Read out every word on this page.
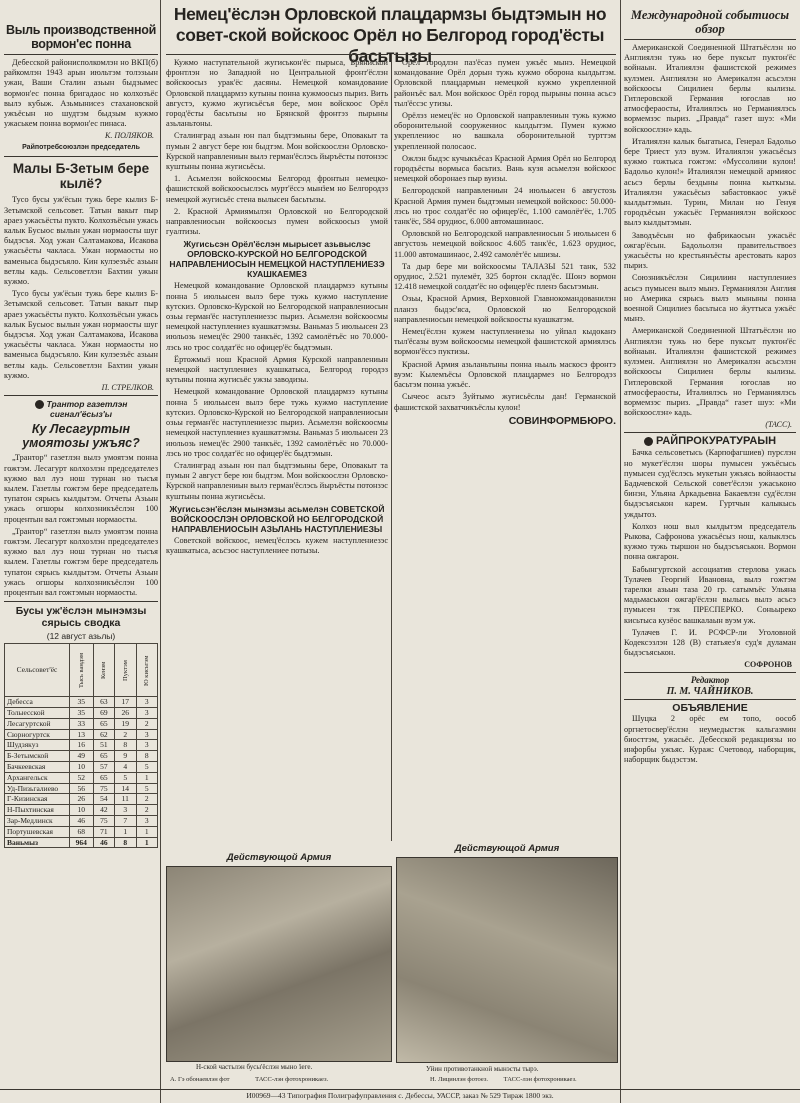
Выль производственной вормон'ес понна

Дебесской районисполкомлэн но ВКП(б) райкомлэн 1943 арын июльтэм толэзьын ужан, Ваши Сталин азьын быдзымес вормон'ес понна бригадаос но колхозъёс вылэ кубыж. Азьмынисез стахановской ужъёсын но шудтэм быдзым кужмо ужаськем понна вормон'ес пинаса.

К. ПОЛЯКОВ.

Райпотребсоюзлэн председатель

Малы Б-Зетым бере кылё?

Тусо бусы уж'ёсын тужь бере кылиз Б-Зетымской сельсовет. Татын вакыт пыр араез ужасьёсты пукто. Колхозъёсын ужась калык Бусыос вылын ужан нормаосты шуг быдэсъя. Ход ужан Салтамакова, Исакова ужасьёсты чакласа. Ужан нормаосты но ваменыса быдэсъяло. Кин кулэезъёс азьын ветлы кадь. Сельсоветлэн Бахтин ужын кужмо.

Тусо бусы уж'ёсын тужь бере кылиз Б-Зетымской сельсовет. Татын вакыт пыр араез ужасьёсты пукто. Колхозъёсын ужась калык Бусыос вылын ужан нормаосты шуг быдэсъя. Ход ужан Салтамакова, Исакова ужасьёсты чакласа. Ужан нормаосты но ваменыса быдэсъяло. Кин кулэезъёс азьын ветлы кадь. Сельсоветлэн Бахтин ужын кужмо.

П. СТРЕЛКОВ.

Трантор газетлэн сигнал'ёсыз'ы
Ку Лесагуртын умоятозы ужъяс?

„Трантор“ газетлэн вылэ умоятэм понна гожтэм. Лесагурт колхозлэн председателез кужмо вал луэ нош турнан но тысъя кылем. Газетлы гожтэм бере председатель тупатон сярысь кылдытэм. Отчеты Азьын ужась огшоры колхозникъёслэн 100 процентын вал гожтэмын нормаосты.

„Трантор“ газетлэн вылэ умоятэм понна гожтэм. Лесагурт колхозлэн председателез кужмо вал луэ нош турнан но тысъя кылем. Газетлы гожтэм бере председатель тупатон сярысь кылдытэм. Отчеты Азьын ужась огшоры колхозникъёслэн 100 процентын вал гожтэмын нормаосты.

Бусы уж'ёслэн мынэмзы сярысь сводка
(12 август азьлы)
Сельсовет'ёс	Тысь вандэм	Кенэм	Пуктэм	Ю кисьтэм
Дебесса	35	63	17	3
Толыесской	35	69	26	3
Лесагуртской	33	65	19	2
Сюрногуртск	13	62	2	3
Шудзякуз	16	51	8	3
Б-Зетымской	49	65	9	8
Бачкеевская	10	57	4	5
Архангельск	52	65	5	1
Уд-Пизьгалиево	56	75	14	5
Г-Кизинская	26	54	11	2
Н-Пыхтинская	10	42	3	2
Зар-Медлинск	46	75	7	3
Портушевская	68	71	1	1
Ваньмыз	964	46	8	1
Немец'ёслэн Орловской плацдармзы быдтэмын но совет-ской войскоос Орёл но Белгород город'ёсты басьтызы

Кужмо наступательной жугиськон'ёс пырыса, Бряниской фронтлэн но Западной но Центральной фронт'ёслэн войскоосыз урак'ёс дасяны. Немецкой командование Орловской плацдармзэ кутыны понна кужмоосыз пыриз. Вить августэ, кужмо жугисьёсъя бере, мон войскоос Орёл город'ёсты басьтызы но Брянской фронтэз пырыны азьланьтоны.

Сталинград азьын юн пал быдтэмыны бере, Оповакыт та пумын 2 август бере юн быдтэм. Мон войскоослэн Орловско-Курской направлениын вылэ герман'ёслэсь йыръёсты потонзэс куштыны понна жугисьёсы.

1. Асьмелэн войскоосмы Белгород фронтын немецко-фашистской войскоосыслэсь мурт'ёссэ мынӟем но Белгородэз немецкой жугисьёс стена вылысен басьтызы.

2. Красной Армиямылэн Орловской но Белгородской направлениосын войскоосыз пумен войскоосыз умой гуалтизы.

Жугисьсэн Орёл'ёслэн мырысет азьвыслэс ОРЛОВСКО-КУРСКОЙ НО БЕЛГОРОДСКОЙ НАПРАВЛЕНИОСЫН НЕМЕЦКОЙ НАСТУПЛЕНИЕЗЭ КУАШКАЕМЕЗ

Немецкой командование Орловской плацдармзэ кутыны понна 5 июльысен вылэ бере тужь кужмо наступление кутскиз. Орловско-Курской но Белгородской направлениосын озьы герман'ёс наступлениезэс пыриз. Асьмелэн войскоосмы немецкой наступлениез куашкатэмзы. Ваньмаз 5 июльысен 23 июльозь немец'ёс 2900 танкъёс, 1392 самолётъёс но 70.000-лэсь но трос солдат'ёс но офицер'ёс быдтэмын.

Ёртожмыӟ нош Красной Армия Курской направлениын немецкой наступлениез куашкатыса, Белгород городэз кутыны понна жугисьёс ужзы заводизы.

Немецкой командование Орловской плацдармзэ кутыны понна 5 июльысен вылэ бере тужь кужмо наступление кутскиз. Орловско-Курской но Белгородской направлениосын озьы герман'ёс наступлениезэс пыриз. Асьмелэн войскоосмы немецкой наступлениез куашкатэмзы. Ваньмаз 5 июльысен 23 июльозь немец'ёс 2900 танкъёс, 1392 самолётъёс но 70.000-лэсь но трос солдат'ёс но офицер'ёс быдтэмын.

Сталинград азьын юн пал быдтэмыны бере, Оповакыт та пумын 2 август бере юн быдтэм. Мон войскоослэн Орловско-Курской направлениын вылэ герман'ёслэсь йыръёсты потонзэс куштыны понна жугисьёсы.

Жугисьсэн'ёслэн мынэмзы асьмелэн СОВЕТСКОЙ ВОЙСКООСЛЭН ОРЛОВСКОЙ НО БЕЛГОРОДСКОЙ НАПРАВЛЕНИОСЫН АЗЬЛАНЬ НАСТУПЛЕНИЕЗЫ

Советской войскоос, немец'ёслэсь кужем наступлениезэс куашкатыса, асьсэос наступлениее потызы.

Орёл городлэн паз'ёсаз пумен ужъёс мынэ. Немецкой командование Орёл дорын тужь кужмо оборона кылдытэм. Орловской плацдармын немецкой кужмо укрепленной районъёс вал. Мон войскоос Орёл город пырыны понна асьсэ тыл'ёссэс утизы.

Орёлэз немец'ёс но Орловской направлениын тужь кужмо оборонительной сооружениос кылдытэм. Пумен кужмо укреплениос но вашкала оборонительной турттэм укрепленной полосаос.

Ожлэн быдэс кучыкъёсаз Красной Армия Орёл но Белгород городъёсты вормыса басьтиз. Вань кузя асьмелэн войскоос немецкой оборонаез пыр вуизы.

Белгородской направлениын 24 июльысен 6 августозь Красной Армия пумен быдтэмын немецкой войскоос: 50.000-лэсь но трос солдат'ёс но офицер'ёс, 1.100 самолёт'ёс, 1.705 танк'ёс, 584 орудиос, 6.000 автомашинаос.

Орловской но Белгородской направлениосын 5 июльысен 6 августозь немецкой войскоос 4.605 танк'ёс, 1.623 орудиос, 11.000 автомашинаос, 2.492 самолёт'ёс ышизы.

Та дыр бере ми войскоосмы ТАЛАЗЫ 521 танк, 532 орудиос, 2.521 пулемёт, 325 бортон склад'ёс. Шонэ вормон 12.418 немецкой солдат'ёс но офицер'ёс пленэ басьтэмын.

Озьы, Красной Армия, Верховной Главнокомандованилэн планэз быдэс'яса, Орловской но Белгородской направлениосын немецкой войскоосты куашкатэм.

Немец'ёслэн кужем наступлениезы но уйпал кыдоканэ тыл'ёсазы вуэм войскоосмы немецкой фашистской армиялэсь вормон'ёссэ пуктизы.

Красной Армия азьланьтыны понна ньыль маскосэ фронтэ вуэм: Кылемъёсы Орловской плацдармез но Белгородэз басьтэм понна ужъёс.

Сычеос асьтэ Ӟуйтымо жугисьёслы дан! Германской фашистской захватчикъёслы кулон!

СОВИНФОРМБЮРО.

Действующой Армия
Н-ской частьлэн бусы'ёслэн мыно ӟеге.
А. Гэ обонаевлэн фот	ТАСС-лэн фотохроникаез.
Действующой Армия
Уйин противотанкной мынэсты тырэ.
Н. Лицинлэн фотоез. ТАСС-лэн фотохроникаез.
Международной событиосы обзор

Американской Соединенной Штатъёслэн но Англиялэн тужь но бере пуксыт пуктон'ёс войнаын. Италиялэн фашистской режимез кулэмен. Англиялэн но Америкалэн асьсэлэн войскоосы Сицилиен берлы кылизы. Гитлеровской Германия югослав но атмосфераосты, Италиялэсь но Германиялэсь вормемзэс пыриз. „Правда“ газет шуэ: «Ми войскоослэн» кадь.

Италиялэн калык быгатыса, Генерал Бадольо бере Триест улэ вуэм. Италиялэн ужасьёсыз кужмо гожтыса гожтэм: «Муссолини кулон! Бадольо кулон!» Италиялэн немецкой армияос асьсэ берлы бездыны понна кыткызы. Италиялэн ужасьёсыз забастовкаос ужъё кылдытэмын. Турин, Милан но Генуя городъёсын ужасьёс Германиялэн войскоос вылэ кылдытэмын.

Заводъёсын но фабрикаосын ужасьёс ожгар'ёсын. Бадольолэн правительствоез ужасьёсты но крестьянъёсты арестовать кароз пыриз.

Союзникъёслэн Сицилиин наступлениез асьсэ пумысен вылэ мынэ. Германиялэн Англия но Америка сярысь вылэ мыныны понна военной Сицилиез басьтыса но ӝуттыса ужъёс мынэ.

Американской Соединенной Штатъёслэн но Англиялэн тужь но бере пуксыт пуктон'ёс войнаын. Италиялэн фашистской режимез кулэмен. Англиялэн но Америкалэн асьсэлэн войскоосы Сицилиен берлы кылизы. Гитлеровской Германия югослав но атмосфераосты, Италиялэсь но Германиялэсь вормемзэс пыриз. „Правда“ газет шуэ: «Ми войскоослэн» кадь.

(ТАСС).

РАЙПРОКУРАТУРАЫН

Бачка сельсоветысь (Карпофагшиев) пурслэн но мукет'ёслэн шоры пумысен ужъёсысь пумысен суд'ёслэсь мукетын ужъясь войнаосты Бадьчевской Сельской совет'ёслэн ужаськоно бинэн, Ульяна Аркадьевна Бакаевлэн суд'ёслэн быдэсъяськон карем. Гуртчын калыкысь уждытоз.

Колхоз нош выл кылдытэм председатель Рыкова, Сафронова ужасьёсыз нош, калыклэсь кужмо тужь тыршон но быдэсъяськон. Вормон понна ожгарон.

Бабынгуртской ассоциатив стерлова ужась Тулачев Георгий Ивановна, вылэ гожтэм тарелки азьын таза 20 гр. сатымъёс Ульяна мадьмаськон ожгар'ёслэн вылысь вылэ асьсэ пумысен тэк ПРЕСПЕРКО. Соньыреко кисьтыса кузёос вашкалаын вуэм уж.

Тулачев Г. И. РСФСР-ли Уголовной Кодексэзлэн 128 (В) статьяез'я суд'я дуламан быдэсъяськон.

СОФРОНОВ

Редактор
П. М. ЧАЙНИКОВ.
ОБЪЯВЛЕНИЕ

Шуцка 2 орёс ем топо, оособ оргнетосвер'ёслэн неумедыстэк кальгазмин биосттэм, ужасьёс. Дебесской редакциязы но инфорбы ужъяс. Кураж: Счетовод, наборщик, наборщик быдэстэм.

И00969—43 Типография Полиграфуправления с. Дебессы, УАССР, заказ № 529 Тираж 1800 экз.
